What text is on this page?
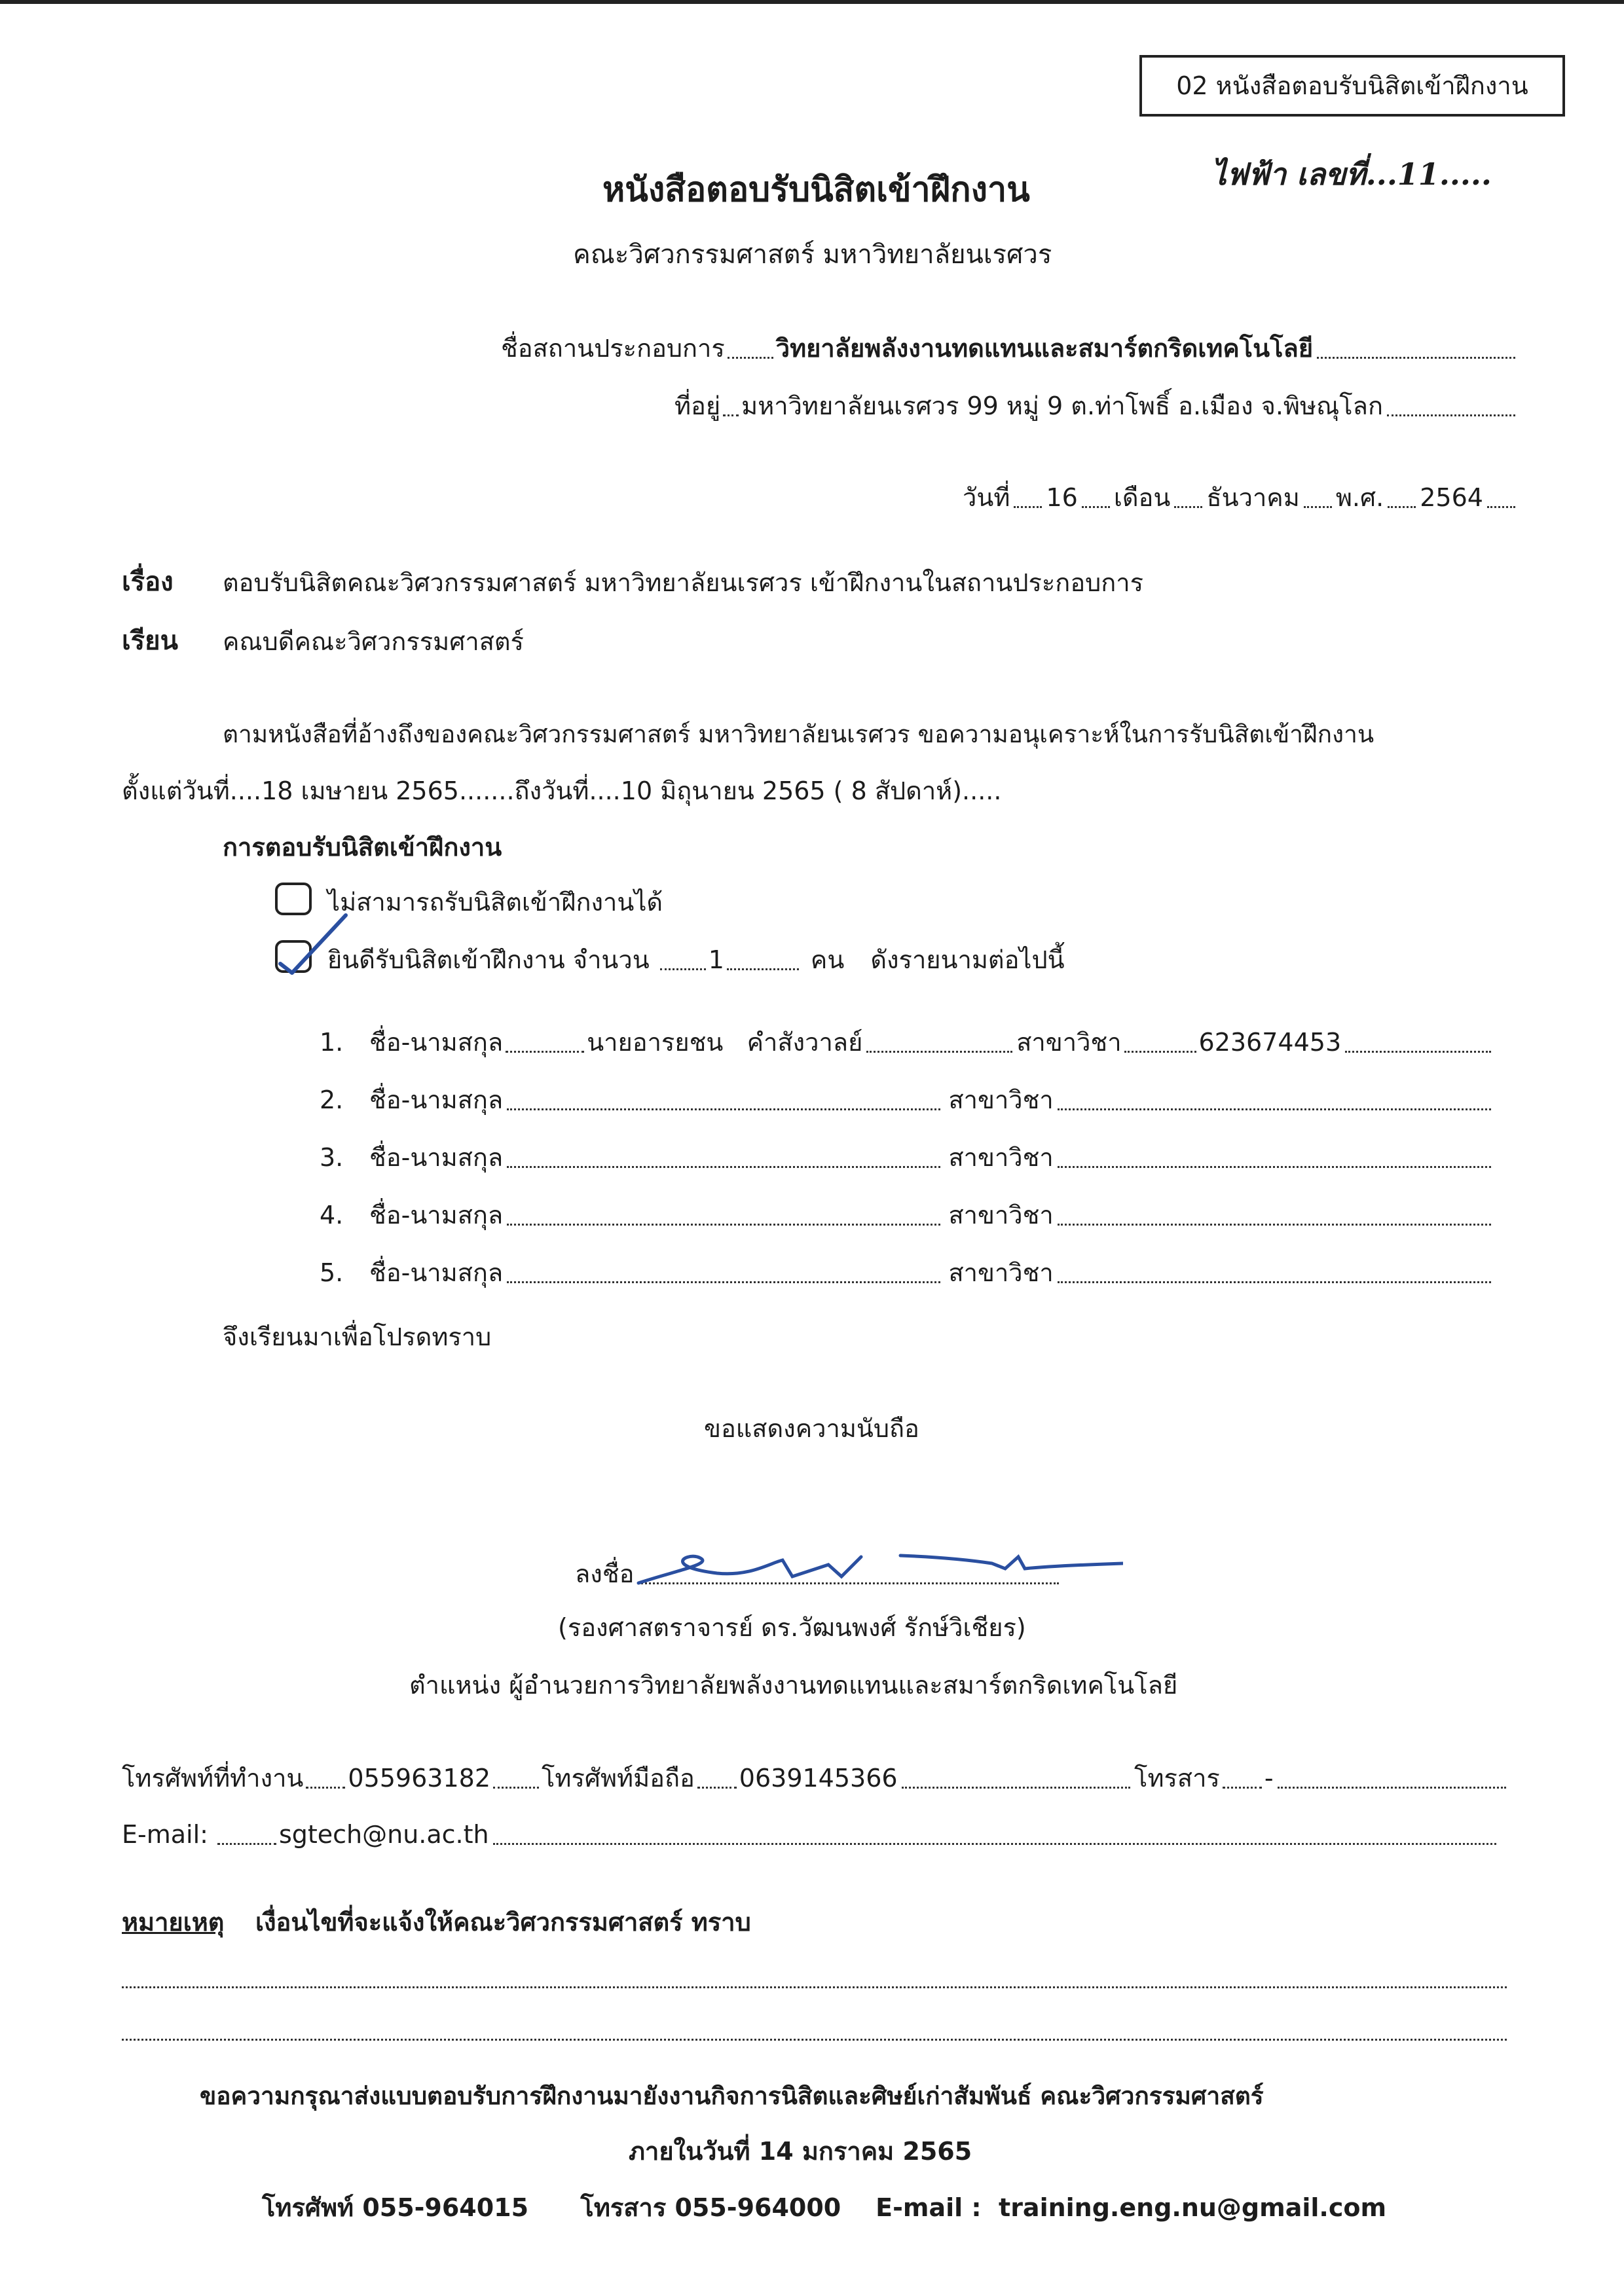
02 หนังสือตอบรับนิสิตเข้าฝึกงาน
ไฟฟ้า เลขที่...11.....
หนังสือตอบรับนิสิตเข้าฝึกงาน
คณะวิศวกรรมศาสตร์ มหาวิทยาลัยนเรศวร
ชื่อสถานประกอบการ วิทยาลัยพลังงานทดแทนและสมาร์ตกริดเทคโนโลยี
ที่อยู่ มหาวิทยาลัยนเรศวร 99 หมู่ 9 ต.ท่าโพธิ์ อ.เมือง จ.พิษณุโลก
วันที่ 16 เดือน ธันวาคม พ.ศ. 2564
เรื่อง ตอบรับนิสิตคณะวิศวกรรมศาสตร์ มหาวิทยาลัยนเรศวร เข้าฝึกงานในสถานประกอบการ
เรียน คณบดีคณะวิศวกรรมศาสตร์
ตามหนังสือที่อ้างถึงของคณะวิศวกรรมศาสตร์ มหาวิทยาลัยนเรศวร ขอความอนุเคราะห์ในการรับนิสิตเข้าฝึกงาน
ตั้งแต่วันที่....18 เมษายน 2565.......ถึงวันที่....10 มิถุนายน 2565 ( 8 สัปดาห์).....
การตอบรับนิสิตเข้าฝึกงาน
ไม่สามารถรับนิสิตเข้าฝึกงานได้
ยินดีรับนิสิตเข้าฝึกงาน จำนวน 1	คน ดังรายนามต่อไปนี้
1.	ชื่อ-นามสกุล	นายอารยชน   คำสังวาลย์	สาขาวิชา	623674453
2.	ชื่อ-นามสกุล	สาขาวิชา
3.	ชื่อ-นามสกุล	สาขาวิชา
4.	ชื่อ-นามสกุล	สาขาวิชา
5.	ชื่อ-นามสกุล	สาขาวิชา
จึงเรียนมาเพื่อโปรดทราบ
ขอแสดงความนับถือ
ลงชื่อ
(รองศาสตราจารย์ ดร.วัฒนพงศ์ รักษ์วิเชียร)
ตำแหน่ง ผู้อำนวยการวิทยาลัยพลังงานทดแทนและสมาร์ตกริดเทคโนโลยี
โทรศัพท์ที่ทำงาน 055963182 โทรศัพท์มือถือ 0639145366	โทรสาร -
E-mail:	sgtech@nu.ac.th
หมายเหตุ เงื่อนไขที่จะแจ้งให้คณะวิศวกรรมศาสตร์ ทราบ
ขอความกรุณาส่งแบบตอบรับการฝึกงานมายังงานกิจการนิสิตและศิษย์เก่าสัมพันธ์ คณะวิศวกรรมศาสตร์
ภายในวันที่ 14 มกราคม 2565
โทรศัพท์ 055-964015      โทรสาร 055-964000    E-mail :  training.eng.nu@gmail.com
